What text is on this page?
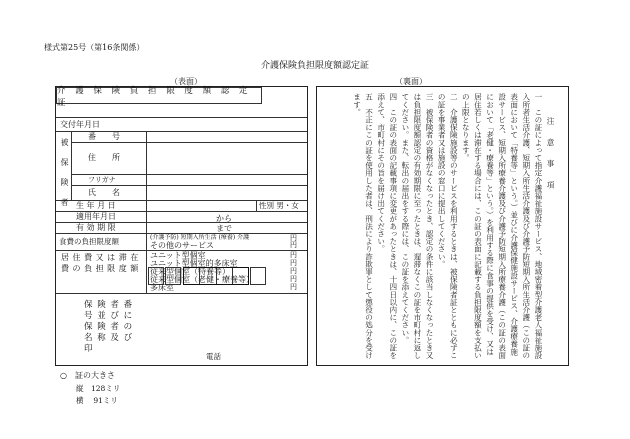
様式第25号（第16条関係）
介護保険負担限度額認定証
（表面）	（裏面）
介 護 保 険 負 担 限 度 額 認 定 証
交付年月日
被保険者
番　　号
住　　所
フリガナ
氏　　名
生 年 月 日	性別 男・女
適用年月日	から
有 効 期 限	まで
食費の負担限度額	(介護予防) 短期入所生活 (療養) 介護	円
その他のサービス	円
居 住 費 又 は 滞 在 費 の 負 担 限 度 額
ユニット型個室	円
ユニット型個室的多床室	円
従来型個室（特養等）	円
従来型個室（老健・療養等）	円
多床室	円
保 険 者 番 号 並 び に 保 険 者 の 名 称 及 び 印
電話

注　意　事　項

一　この証によって指定介護福祉施設サービス、地域密着型介護老人福祉施設入所者生活介護、短期入所生活介護及び介護予防短期入所生活介護（この証の表面において「特養等」という。）並びに介護保健施設サービス、介護療養施設サービス、短期入所療養介護及び介護予防短期入所療養介護（この証の表面において「老健・療養等」という。）を利用する際に食事の提供を受け、又は居住若しくは滞在する場合には、この証の表面に記載する負担限度額を支払いの上限となります。

二　介護保険施設等のサービスを利用するときは、被保険者証とともに必ずこの証を事業者又は施設の窓口に提出してください。

三　被保険者の資格がなくなったとき、認定の条件に該当しなくなったとき又は負担限度額認定の有効期限に至ったときは、遅滞なくこの証を市町村に返してください。また、転出の届出をする際には、この証を添えてください。

四　この証の表面の記載事項に変更があったときは、十四日以内に、この証を添えて、市町村にその旨を届け出てください。

五　不正にこの証を使用した者は、刑法により詐欺罪として懲役の処分を受けます。

○　証の大きさ
縦　128ミリ
横　 91ミリ
